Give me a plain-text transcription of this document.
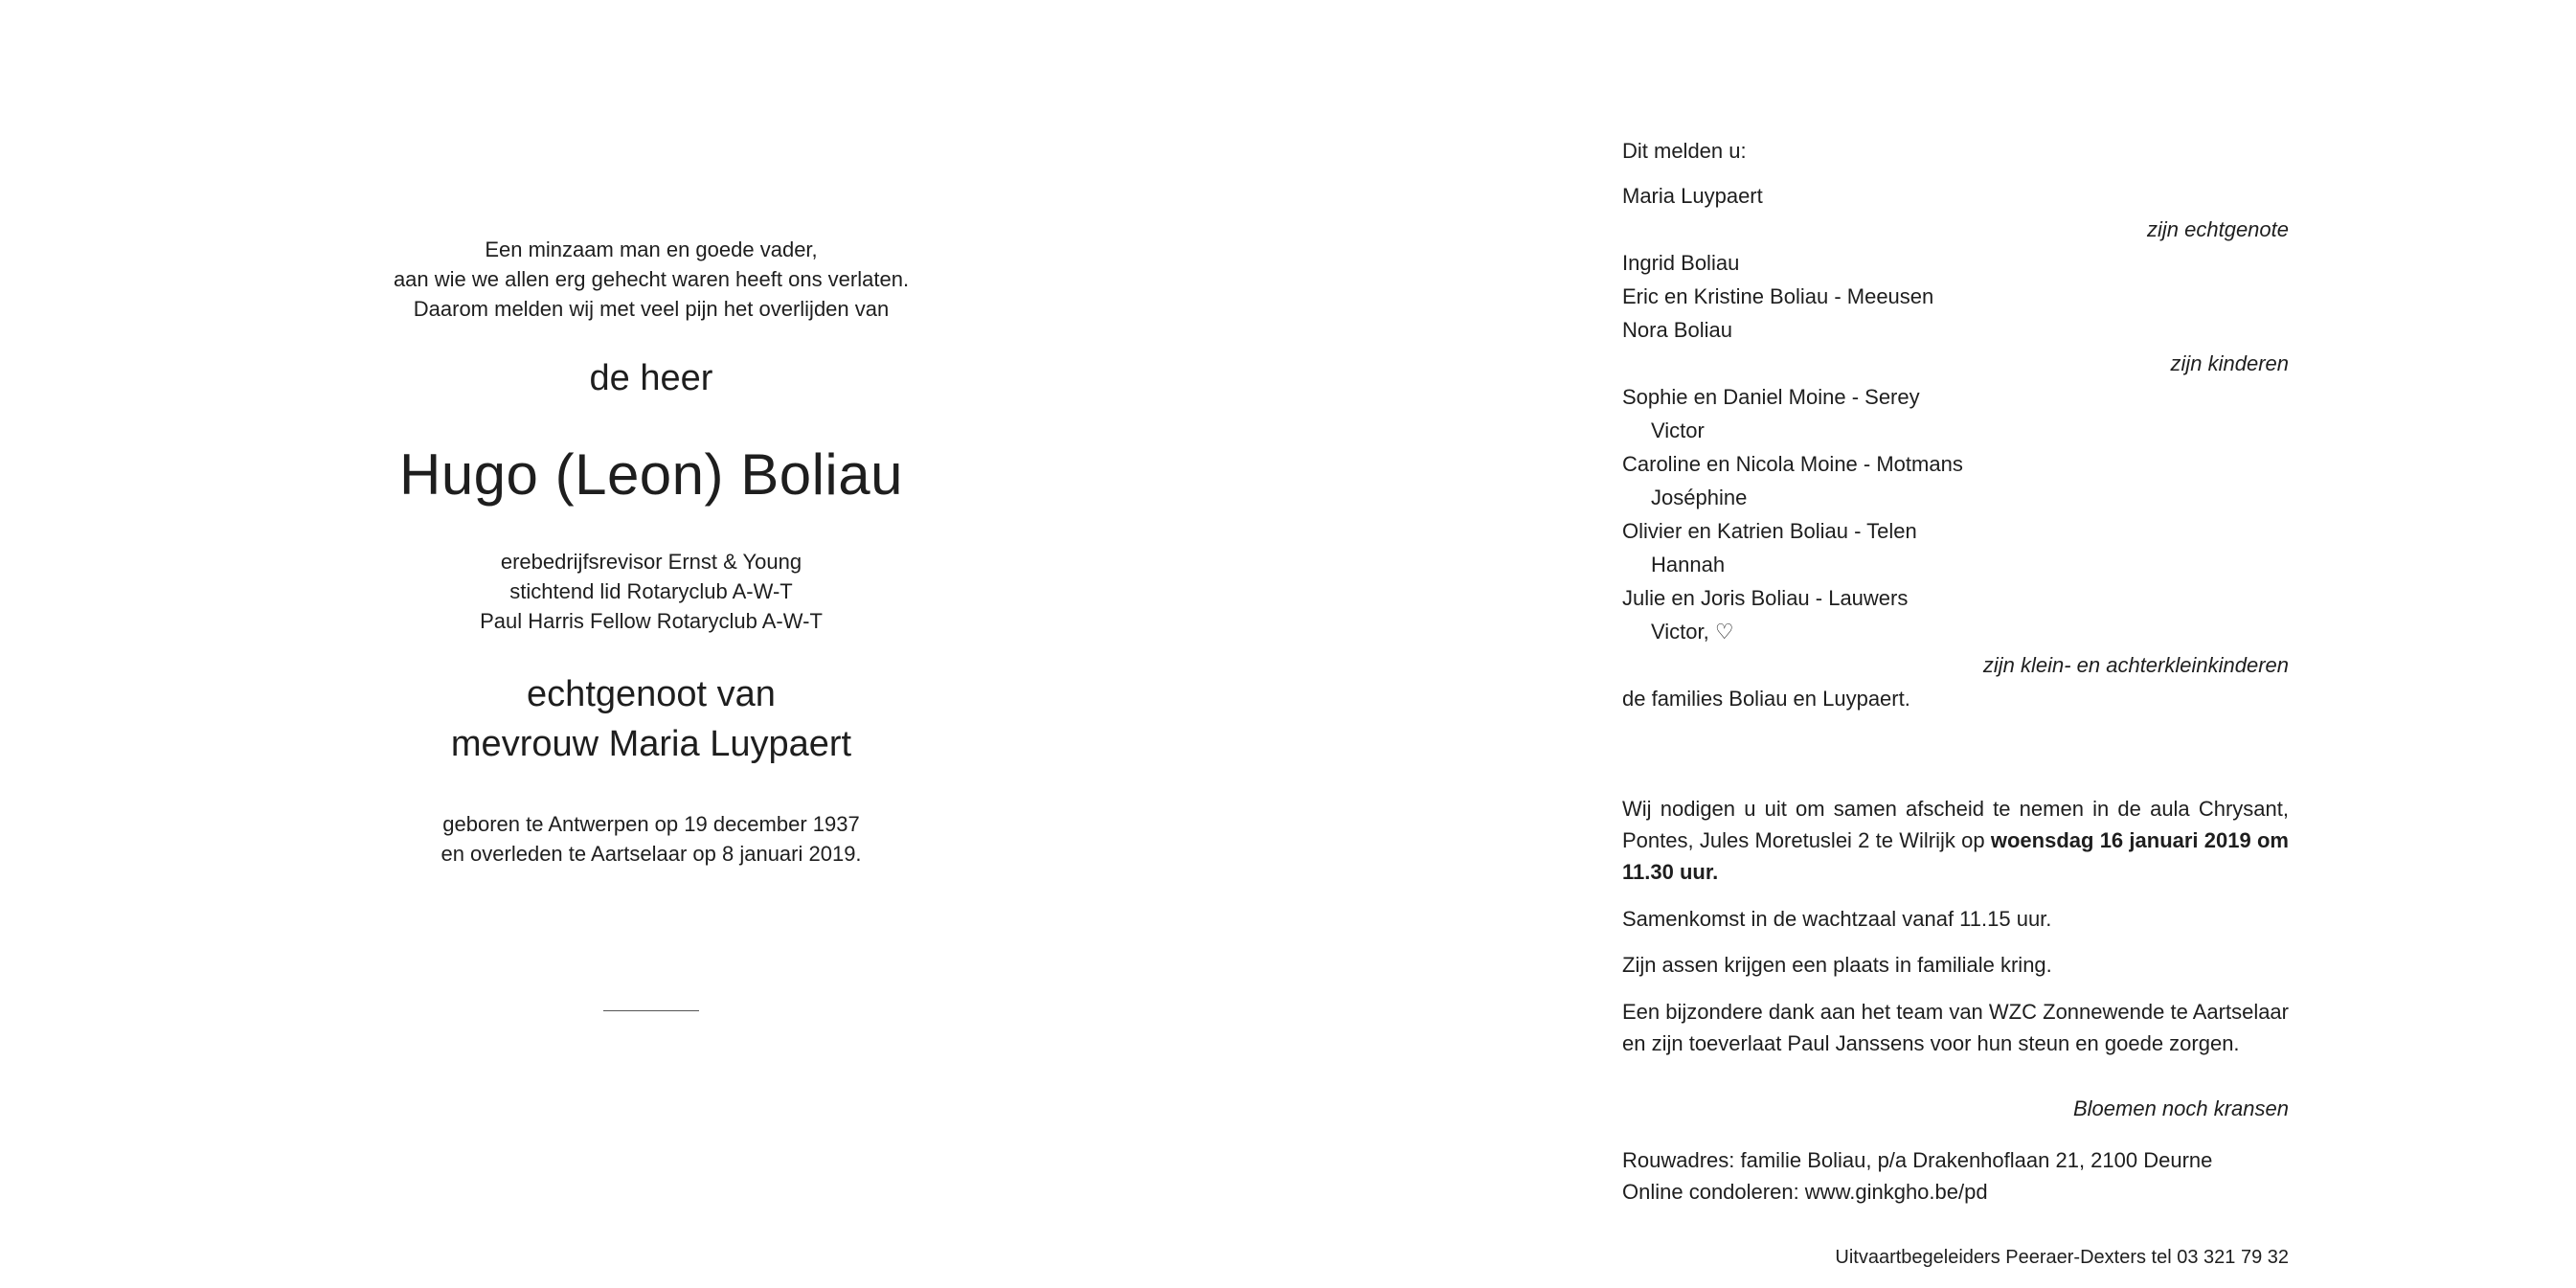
Een minzaam man en goede vader,
aan wie we allen erg gehecht waren heeft ons verlaten.
Daarom melden wij met veel pijn het overlijden van
de heer
Hugo (Leon) Boliau
erebedrijfsrevisor Ernst & Young
stichtend lid Rotaryclub A-W-T
Paul Harris Fellow Rotaryclub A-W-T
echtgenoot van
mevrouw Maria Luypaert
geboren te Antwerpen op 19 december 1937
en overleden te Aartselaar op 8 januari 2019.
Dit melden u:
Maria Luypaert
zijn echtgenote
Ingrid Boliau
Eric en Kristine Boliau - Meeusen
Nora Boliau
zijn kinderen
Sophie en Daniel Moine - Serey
Victor
Caroline en Nicola Moine - Motmans
Joséphine
Olivier en Katrien Boliau - Telen
Hannah
Julie en Joris Boliau - Lauwers
Victor, ♡
zijn klein- en achterkleinkinderen
de families Boliau en Luypaert.
Wij nodigen u uit om samen afscheid te nemen in de aula Chrysant, Pontes, Jules Moretuslei 2 te Wilrijk op woensdag 16 januari 2019 om 11.30 uur.
Samenkomst in de wachtzaal vanaf 11.15 uur.
Zijn assen krijgen een plaats in familiale kring.
Een bijzondere dank aan het team van WZC Zonnewende te Aartselaar en zijn toeverlaat Paul Janssens voor hun steun en goede zorgen.
Bloemen noch kransen
Rouwadres: familie Boliau, p/a Drakenhoflaan 21, 2100 Deurne
Online condoleren: www.ginkgho.be/pd
Uitvaartbegeleiders Peeraer-Dexters tel 03 321 79 32
